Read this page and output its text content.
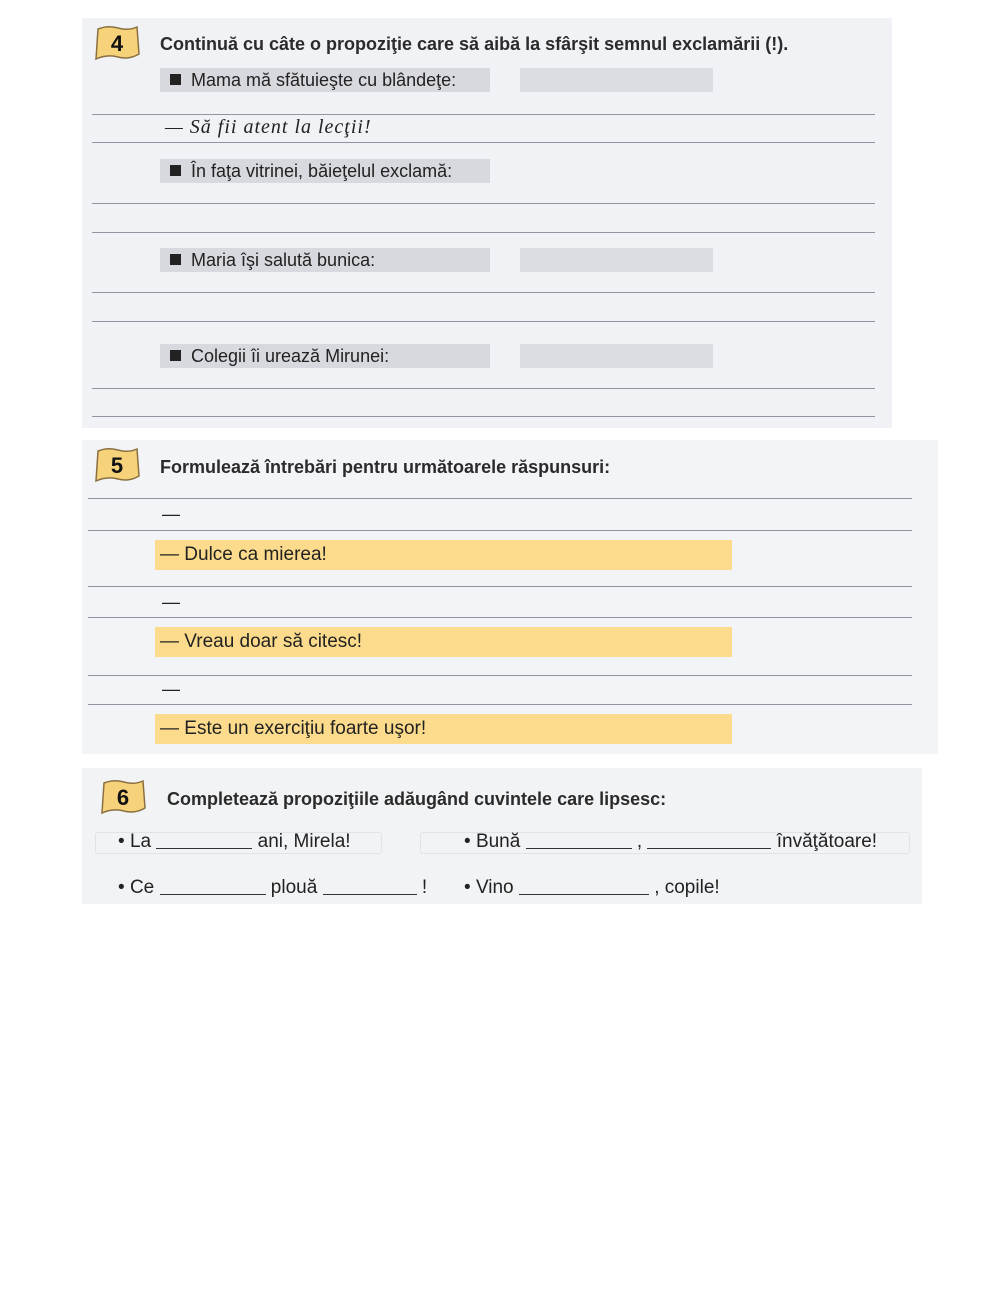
4	Continuă cu câte o propoziţie care să aibă la sfârşit semnul exclamării (!).
Mama mă sfătuieşte cu blândeţe:
— Să fii atent la lecţii!
În faţa vitrinei, băieţelul exclamă:
Maria îşi salută bunica:
Colegii îi urează Mirunei:
5	Formulează întrebări pentru următoarele răspunsuri:
—
— Dulce ca mierea!
—
— Vreau doar să citesc!
—
— Este un exerciţiu foarte uşor!
6	Completează propoziţiile adăugând cuvintele care lipsesc:
• La	ani, Mirela!	• Bună	,	învăţătoare!
• Ce	plouă	! • Vino	, copile!
